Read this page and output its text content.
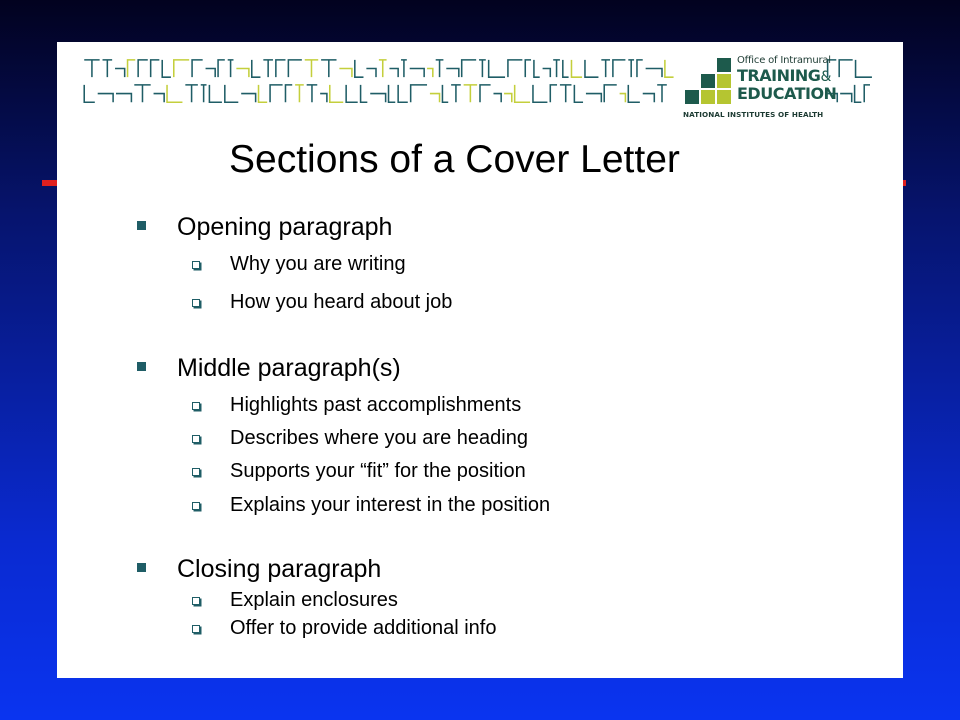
Office of Intramural
TRAINING&
EDUCATION
NATIONAL INSTITUTES OF HEALTH
Sections of a Cover Letter
Opening paragraph
Why you are writing
How you heard about job
Middle paragraph(s)
Highlights past accomplishments
Describes where you are heading
Supports your “fit” for the position
Explains your interest in the position
Closing paragraph
Explain enclosures
Offer to provide additional info
